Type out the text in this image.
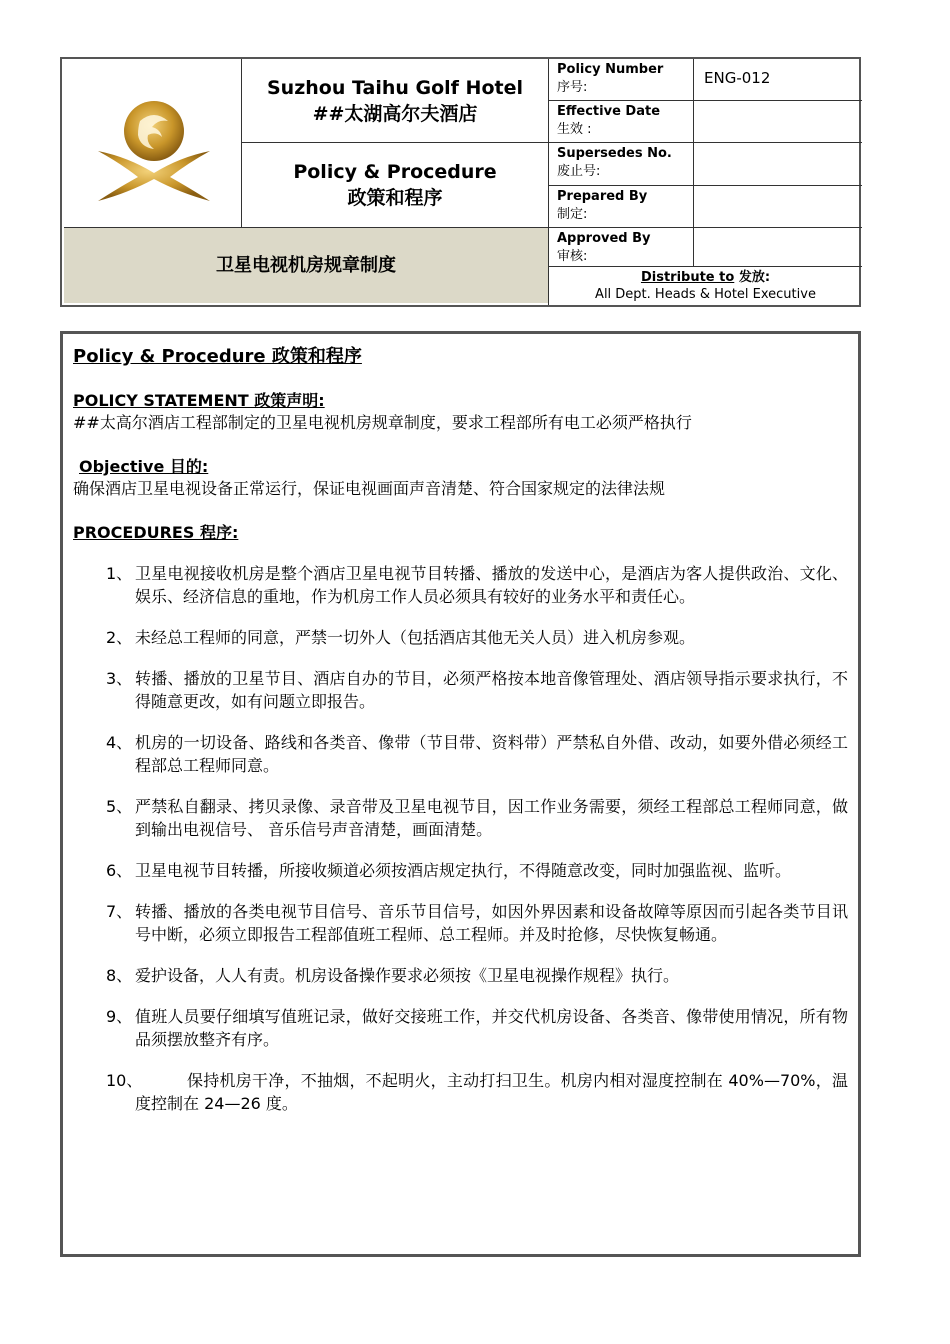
Suzhou Taihu Golf Hotel
##太湖高尔夫酒店
Policy & Procedure
政策和程序
卫星电视机房规章制度
Policy Number
序号:
ENG-012
Effective Date
生效 :
Supersedes No.
废止号:
Prepared By
制定:
Approved By
审核:
Distribute to 发放:
All Dept. Heads & Hotel Executive
Policy & Procedure 政策和程序
POLICY STATEMENT 政策声明:
##太高尔酒店工程部制定的卫星电视机房规章制度，要求工程部所有电工必须严格执行
Objective 目的:
确保酒店卫星电视设备正常运行，保证电视画面声音清楚、符合国家规定的法律法规
PROCEDURES 程序:
1、 卫星电视接收机房是整个酒店卫星电视节目转播、播放的发送中心，是酒店为客人提供政治、文化、娱乐、经济信息的重地，作为机房工作人员必须具有较好的业务水平和责任心。
2、 未经总工程师的同意，严禁一切外人（包括酒店其他无关人员）进入机房参观。
3、 转播、播放的卫星节目、酒店自办的节目，必须严格按本地音像管理处、酒店领导指示要求执行，不得随意更改，如有问题立即报告。
4、 机房的一切设备、路线和各类音、像带（节目带、资料带）严禁私自外借、改动，如要外借必须经工程部总工程师同意。
5、 严禁私自翻录、拷贝录像、录音带及卫星电视节目，因工作业务需要，须经工程部总工程师同意，做到输出电视信号、 音乐信号声音清楚，画面清楚。
6、 卫星电视节目转播，所接收频道必须按酒店规定执行，不得随意改变，同时加强监视、监听。
7、 转播、播放的各类电视节目信号、音乐节目信号，如因外界因素和设备故障等原因而引起各类节目讯号中断，必须立即报告工程部值班工程师、总工程师。并及时抢修，尽快恢复畅通。
8、 爱护设备，人人有责。机房设备操作要求必须按《卫星电视操作规程》执行。
9、 值班人员要仔细填写值班记录，做好交接班工作，并交代机房设备、各类音、像带使用情况，所有物品须摆放整齐有序。
10、	保持机房干净，不抽烟，不起明火，主动打扫卫生。机房内相对湿度控制在 40%—70%，温度控制在 24—26 度。
